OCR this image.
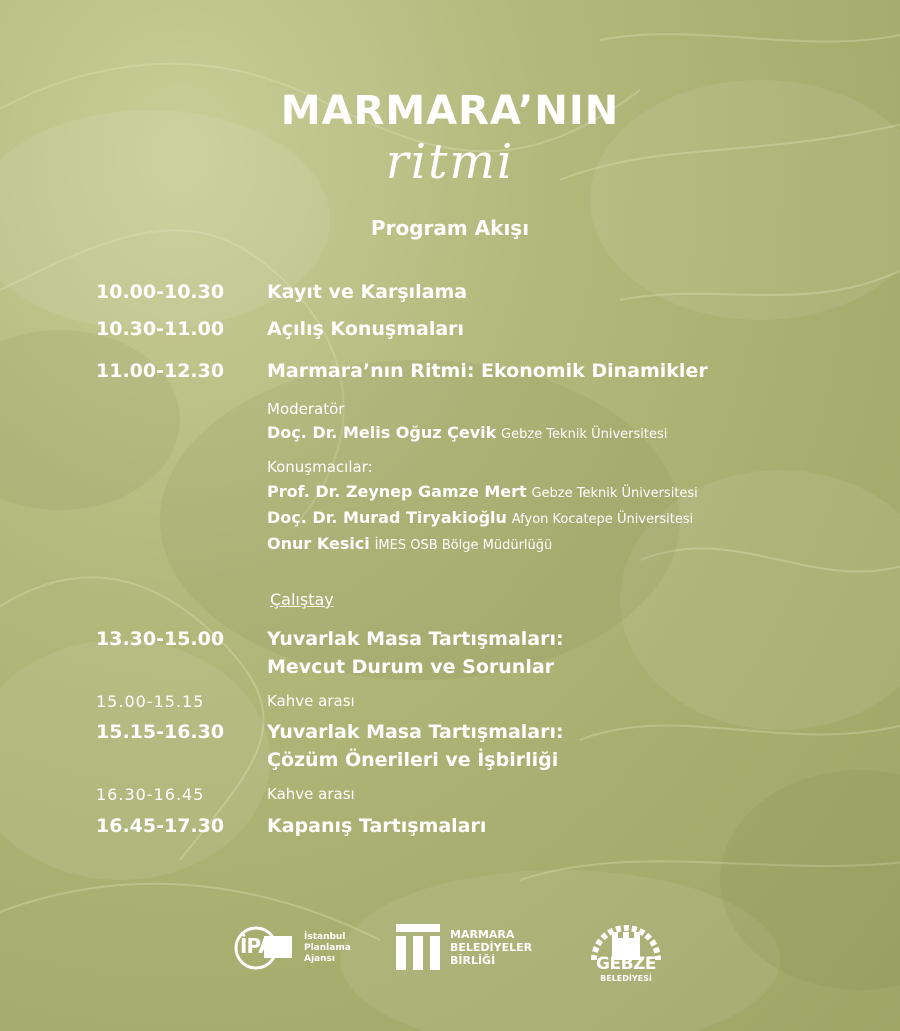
MARMARA’NIN
ritmi
Program Akışı
10.00-10.30 Kayıt ve Karşılama
10.30-11.00 Açılış Konuşmaları
11.00-12.30 Marmara’nın Ritmi: Ekonomik Dinamikler
Moderatör
Doç. Dr. Melis Oğuz Çevik Gebze Teknik Üniversitesi
Konuşmacılar:
Prof. Dr. Zeynep Gamze Mert Gebze Teknik Üniversitesi
Doç. Dr. Murad Tiryakioğlu Afyon Kocatepe Üniversitesi
Onur Kesici İMES OSB Bölge Müdürlüğü
Çalıştay
13.30-15.00 Yuvarlak Masa Tartışmaları:
Mevcut Durum ve Sorunlar
15.00-15.15	Kahve arası
15.15-16.30 Yuvarlak Masa Tartışmaları:
Çözüm Önerileri ve İşbirliği
16.30-16.45	Kahve arası
16.45-17.30 Kapanış Tartışmaları
İPA	İstanbul
Planlama
Ajansı
MARMARA
BELEDİYELER
BİRLİĞİ	GEBZE
BELEDİYESİ
